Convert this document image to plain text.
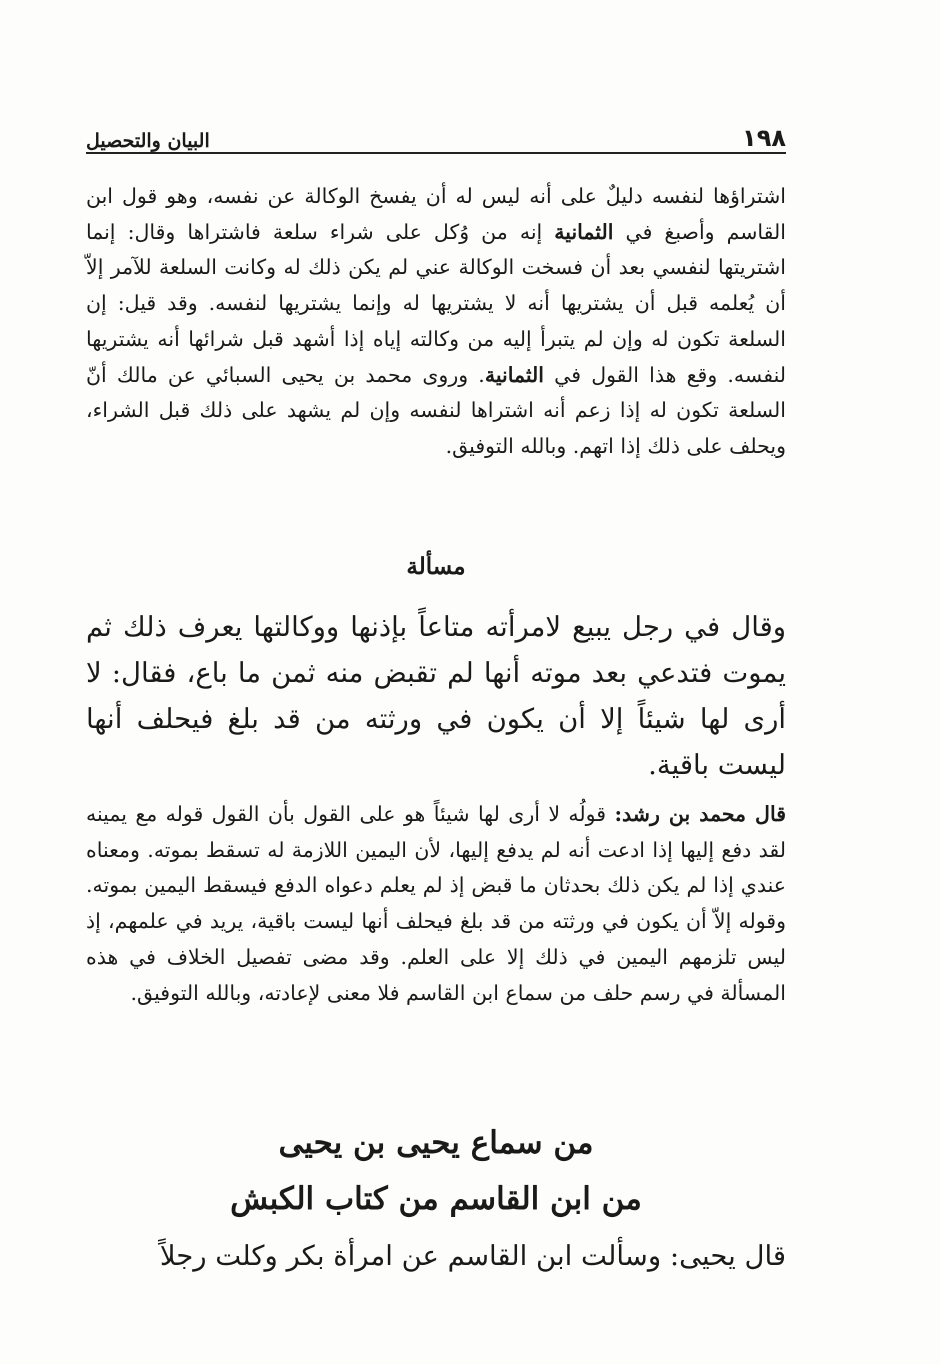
١٩٨
البيان والتحصيل

اشتراؤها لنفسه دليلٌ على أنه ليس له أن يفسخ الوكالة عن نفسه، وهو قول ابن القاسم وأصبغ في الثمانية إنه من وُكل على شراء سلعة فاشتراها وقال: إنما اشتريتها لنفسي بعد أن فسخت الوكالة عني لم يكن ذلك له وكانت السلعة للآمر إلاّ أن يُعلمه قبل أن يشتريها أنه لا يشتريها له وإنما يشتريها لنفسه. وقد قيل: إن السلعة تكون له وإن لم يتبرأ إليه من وكالته إياه إذا أشهد قبل شرائها أنه يشتريها لنفسه. وقع هذا القول في الثمانية. وروى محمد بن يحيى السبائي عن مالك أنّ السلعة تكون له إذا زعم أنه اشتراها لنفسه وإن لم يشهد على ذلك قبل الشراء، ويحلف على ذلك إذا اتهم. وبالله التوفيق.

مسألة

وقال في رجل يبيع لامرأته متاعاً بإذنها ووكالتها يعرف ذلك ثم يموت فتدعي بعد موته أنها لم تقبض منه ثمن ما باع، فقال: لا أرى لها شيئاً إلا أن يكون في ورثته من قد بلغ فيحلف أنها ليست باقية.

قال محمد بن رشد: قولُه لا أرى لها شيئاً هو على القول بأن القول قوله مع يمينه لقد دفع إليها إذا ادعت أنه لم يدفع إليها، لأن اليمين اللازمة له تسقط بموته. ومعناه عندي إذا لم يكن ذلك بحدثان ما قبض إذ لم يعلم دعواه الدفع فيسقط اليمين بموته. وقوله إلاّ أن يكون في ورثته من قد بلغ فيحلف أنها ليست باقية، يريد في علمهم، إذ ليس تلزمهم اليمين في ذلك إلا على العلم. وقد مضى تفصيل الخلاف في هذه المسألة في رسم حلف من سماع ابن القاسم فلا معنى لإعادته، وبالله التوفيق.

من سماع يحيى بن يحيى
من ابن القاسم من كتاب الكبش

قال يحيى: وسألت ابن القاسم عن امرأة بكر وكلت رجلاً
